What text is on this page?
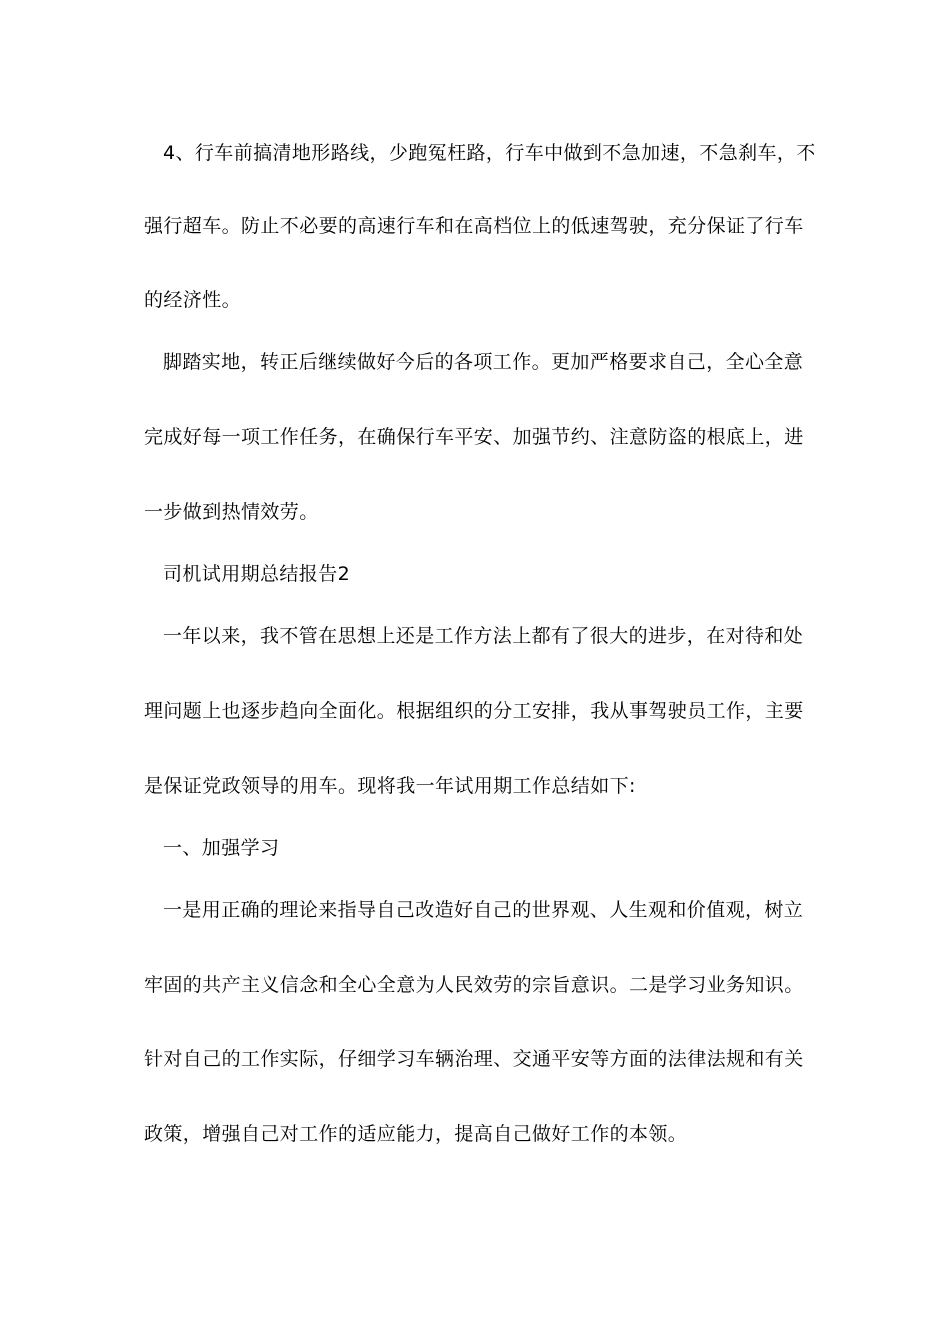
4、行车前搞清地形路线，少跑冤枉路，行车中做到不急加速，不急刹车，不
强行超车。防止不必要的高速行车和在高档位上的低速驾驶，充分保证了行车
的经济性。
脚踏实地，转正后继续做好今后的各项工作。更加严格要求自己，全心全意
完成好每一项工作任务，在确保行车平安、加强节约、注意防盗的根底上，进
一步做到热情效劳。
司机试用期总结报告2
一年以来，我不管在思想上还是工作方法上都有了很大的进步，在对待和处
理问题上也逐步趋向全面化。根据组织的分工安排，我从事驾驶员工作，主要
是保证党政领导的用车。现将我一年试用期工作总结如下:
一、加强学习
一是用正确的理论来指导自己改造好自己的世界观、人生观和价值观，树立
牢固的共产主义信念和全心全意为人民效劳的宗旨意识。二是学习业务知识。
针对自己的工作实际，仔细学习车辆治理、交通平安等方面的法律法规和有关
政策，增强自己对工作的适应能力，提高自己做好工作的本领。
